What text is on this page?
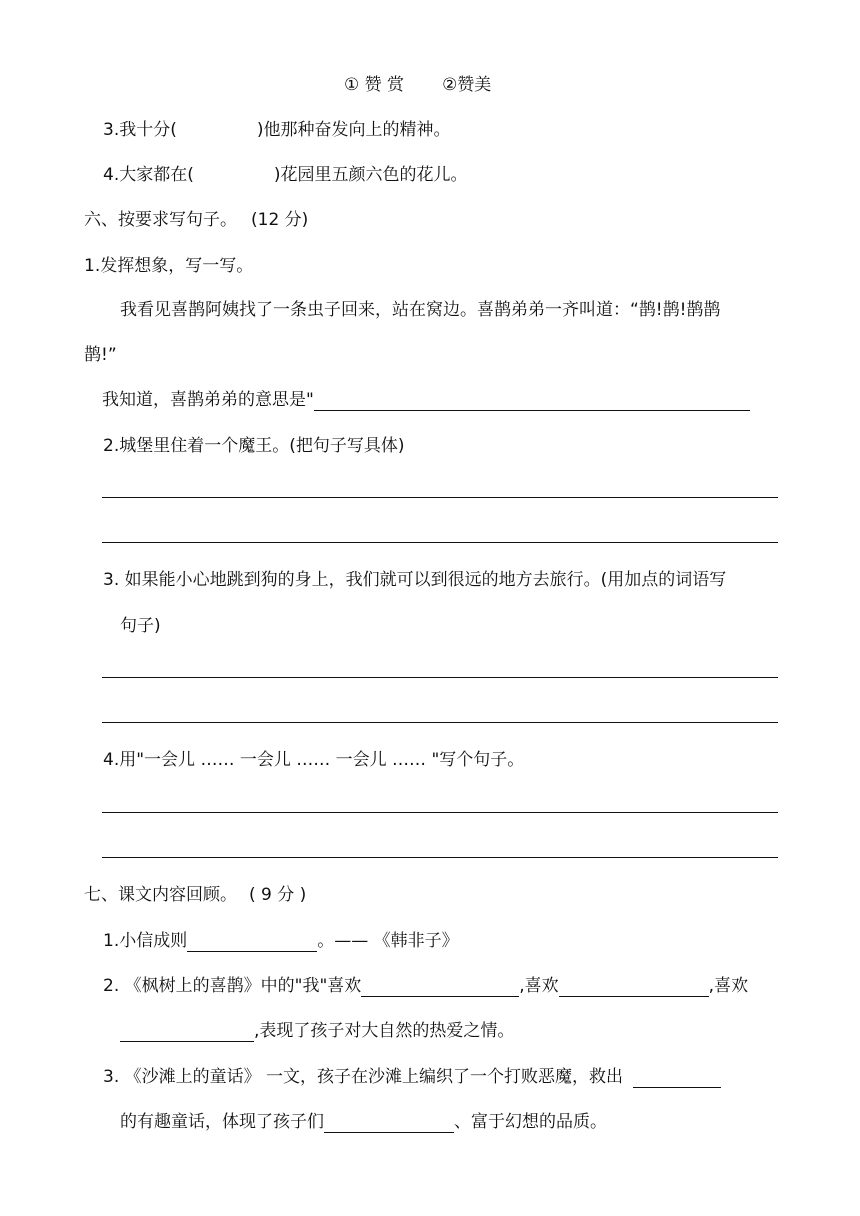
① 赞 赏 ②赞美
3.我十分(	)他那种奋发向上的精神。
4.大家都在(	)花园里五颜六色的花儿。
六、按要求写句子。 (12 分)
1.发挥想象，写一写。
我看见喜鹊阿姨找了一条虫子回来，站在窝边。喜鹊弟弟一齐叫道：“鹊!鹊!鹊鹊
鹊!”
我知道，喜鹊弟弟的意思是"
2.城堡里住着一个魔王。(把句子写具体)
3. 如果能小心地跳到狗的身上，我们就可以到很远的地方去旅行。(用加点的词语写
句子)
4.用"一会儿 …… 一会儿 …… 一会儿 …… "写个句子。
七、课文内容回顾。 ( 9 分 )
1.小信成则	。—— 《韩非子》
2. 《枫树上的喜鹊》中的"我"喜欢	,喜欢	,喜欢
,表现了孩子对大自然的热爱之情。
3. 《沙滩上的童话》 一文，孩子在沙滩上编织了一个打败恶魔，救出
的有趣童话，体现了孩子们	、富于幻想的品质。
